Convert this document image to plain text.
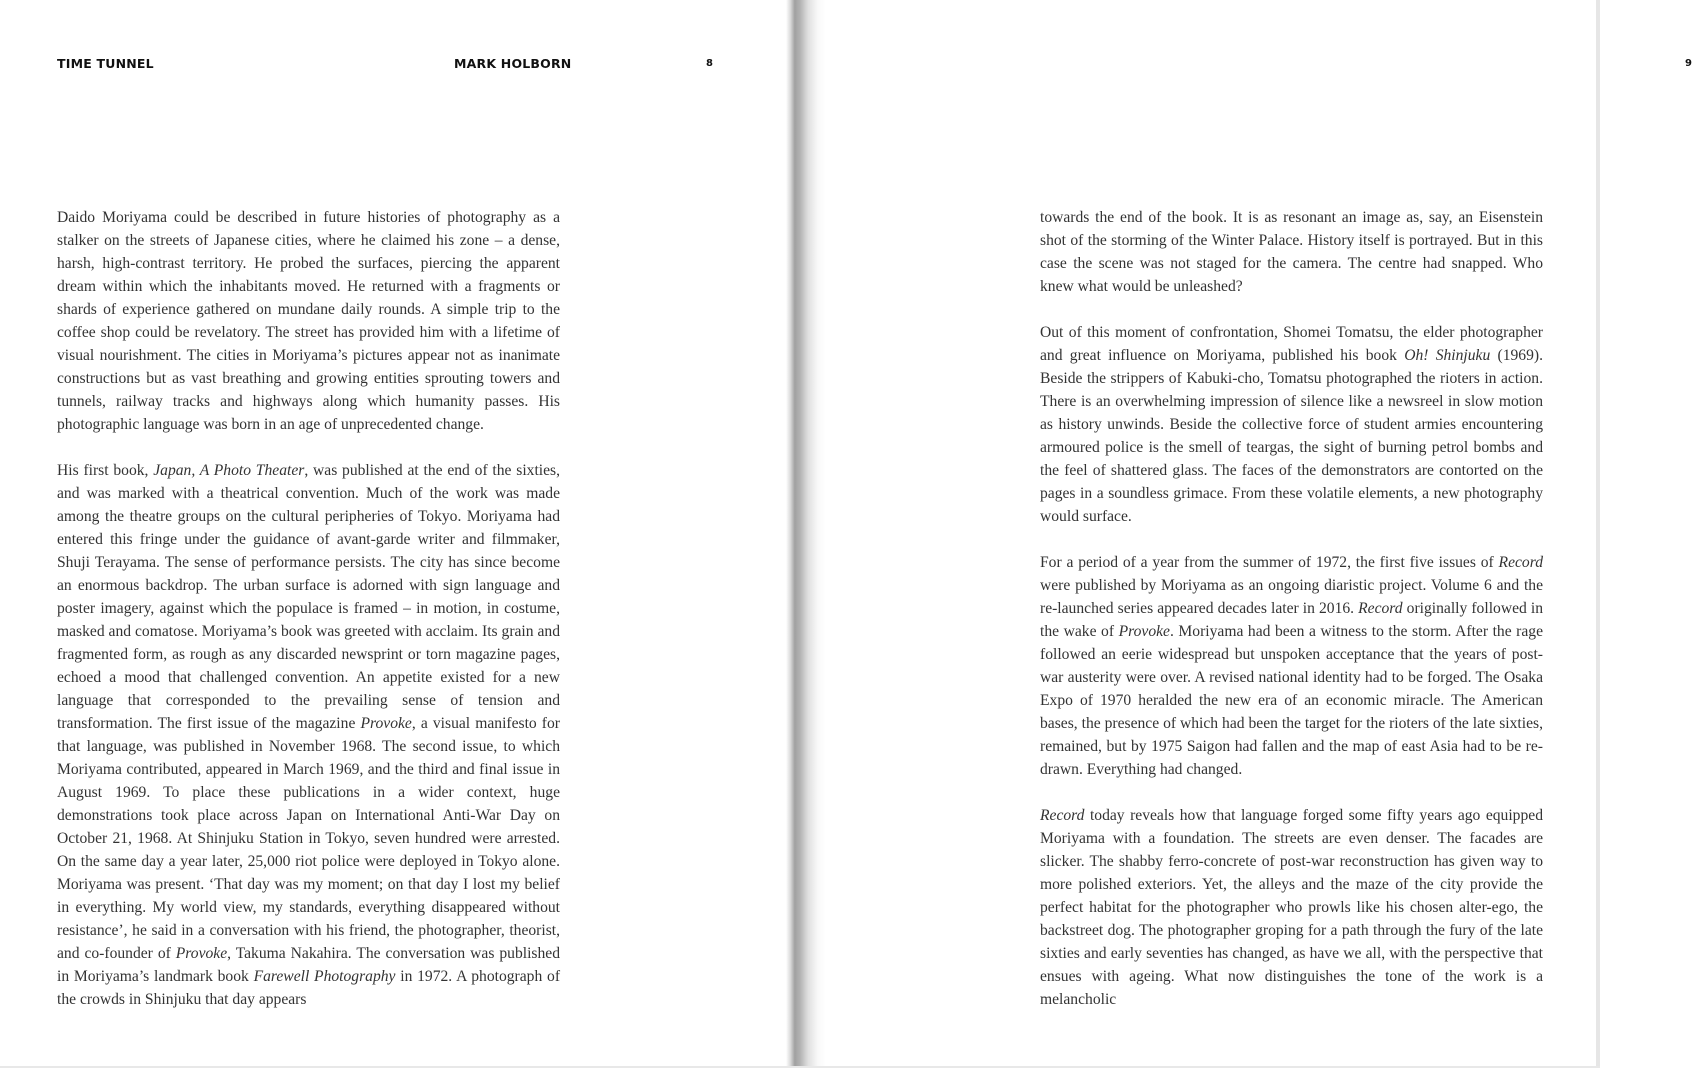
TIME TUNNEL	MARK HOLBORN	8

Daido Moriyama could be described in future histories of photography as a stalker on the streets of Japanese cities, where he claimed his zone – a dense, harsh, high-contrast territory. He probed the surfaces, piercing the apparent dream within which the inhabitants moved. He returned with a fragments or shards of experience gathered on mundane daily rounds. A simple trip to the coffee shop could be revelatory. The street has provided him with a lifetime of visual nourishment. The cities in Moriyama’s pictures appear not as inanimate constructions but as vast breathing and growing entities sprouting towers and tunnels, railway tracks and highways along which humanity passes. His photographic language was born in an age of unprecedented change.

His first book, Japan, A Photo Theater, was published at the end of the sixties, and was marked with a theatrical convention. Much of the work was made among the theatre groups on the cultural peripheries of Tokyo. Moriyama had entered this fringe under the guidance of avant-garde writer and filmmaker, Shuji Terayama. The sense of performance persists. The city has since become an enormous backdrop. The urban surface is adorned with sign language and poster imagery, against which the populace is framed – in motion, in costume, masked and comatose. Moriyama’s book was greeted with acclaim. Its grain and fragmented form, as rough as any discarded newsprint or torn magazine pages, echoed a mood that challenged convention. An appetite existed for a new language that corresponded to the prevailing sense of tension and transformation. The first issue of the magazine Provoke, a visual manifesto for that language, was published in November 1968. The second issue, to which Moriyama contributed, appeared in March 1969, and the third and final issue in August 1969. To place these publications in a wider context, huge demonstrations took place across Japan on International Anti-War Day on October 21, 1968. At Shinjuku Station in Tokyo, seven hundred were arrested. On the same day a year later, 25,000 riot police were deployed in Tokyo alone. Moriyama was present. ‘That day was my moment; on that day I lost my belief in everything. My world view, my standards, everything disappeared without resistance’, he said in a conversation with his friend, the photographer, theorist, and co-founder of Provoke, Takuma Nakahira. The conversation was published in Moriyama’s landmark book Farewell Photography in 1972. A photograph of the crowds in Shinjuku that day appears

9

towards the end of the book. It is as resonant an image as, say, an Eisenstein shot of the storming of the Winter Palace. History itself is portrayed. But in this case the scene was not staged for the camera. The centre had snapped. Who knew what would be unleashed?

Out of this moment of confrontation, Shomei Tomatsu, the elder photographer and great influence on Moriyama, published his book Oh! Shinjuku (1969). Beside the strippers of Kabuki-cho, Tomatsu photographed the rioters in action. There is an overwhelming impression of silence like a newsreel in slow motion as history unwinds. Beside the collective force of student armies encountering armoured police is the smell of teargas, the sight of burning petrol bombs and the feel of shattered glass. The faces of the demonstrators are contorted on the pages in a soundless grimace. From these volatile elements, a new photography would surface.

For a period of a year from the summer of 1972, the first five issues of Record were published by Moriyama as an ongoing diaristic project. Volume 6 and the re-launched series appeared decades later in 2016. Record originally followed in the wake of Provoke. Moriyama had been a witness to the storm. After the rage followed an eerie widespread but unspoken acceptance that the years of post-war austerity were over. A revised national identity had to be forged. The Osaka Expo of 1970 heralded the new era of an economic miracle. The American bases, the presence of which had been the target for the rioters of the late sixties, remained, but by 1975 Saigon had fallen and the map of east Asia had to be re-drawn. Everything had changed.

Record today reveals how that language forged some fifty years ago equipped Moriyama with a foundation. The streets are even denser. The facades are slicker. The shabby ferro-concrete of post-war reconstruction has given way to more polished exteriors. Yet, the alleys and the maze of the city provide the perfect habitat for the photographer who prowls like his chosen alter-ego, the backstreet dog. The photographer groping for a path through the fury of the late sixties and early seventies has changed, as have we all, with the perspective that ensues with ageing. What now distinguishes the tone of the work is a melancholic
